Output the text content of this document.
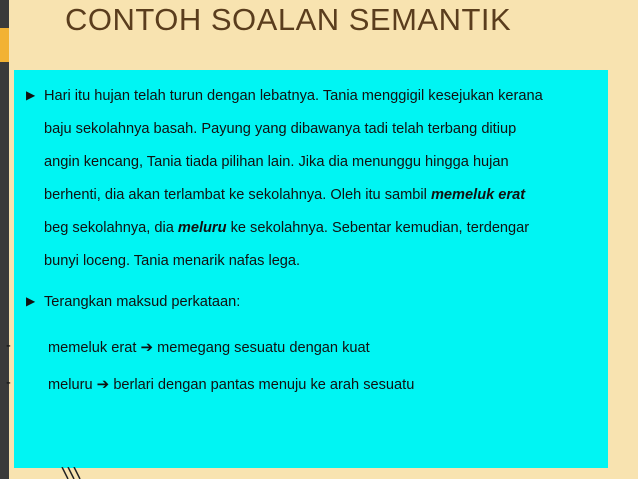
CONTOH SOALAN SEMANTIK
▶ Hari itu hujan telah turun dengan lebatnya. Tania menggigil kesejukan kerana
baju sekolahnya basah. Payung yang dibawanya tadi telah terbang ditiup
angin kencang, Tania tiada pilihan lain. Jika dia menunggu hingga hujan
berhenti, dia akan terlambat ke sekolahnya. Oleh itu sambil memeluk erat
beg sekolahnya, dia meluru ke sekolahnya. Sebentar kemudian, terdengar
bunyi loceng. Tania menarik nafas lega.
▶ Terangkan maksud perkataan:
-	memeluk erat ➔ memegang sesuatu dengan kuat
-	meluru ➔ berlari dengan pantas menuju ke arah sesuatu
